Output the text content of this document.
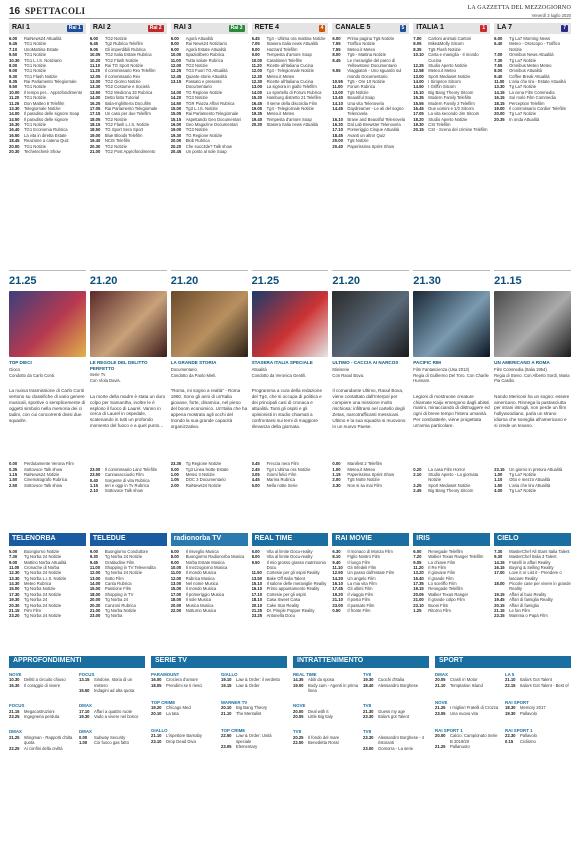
16 SPETTACOLI	LA GAZZETTA DEL MEZZOGIORNO
Venerdì 3 luglio 2020
RAI 1	Rai 1
6.00	RaiNews24 Attualità
6.45	TG1 Notizie
7.10	UnoMattina Estate
9.50	TG1 Notizie
10.30	TG1 L.I.S. Notiziario
8.00	TG1 Notizie
9.00	TG1 Notizie
9.30	TG1 Flash Notizie
9.35	Rai Parlamento Telegiornale
9.50	TG1 Notizie
10.00	Il tempo per... Approfondimento
11.20	TG1 Notizie
11.25	Don Matteo 8 Telefilm
13.30	Telegiornale Notizie
14.00	Il paradiso delle signore Soap
14.50	Il paradiso delle signore
16.30	TG1 Notizie
16.40	TG1 Economia Rubrica
16.50	La vita in diretta Estate
18.45	Reazione a catena Quiz
20.00	TG1 Notizie
20.30	Techetechetè Show
21.25
TOP DIECI
Gioco
Condotto da Carlo Conti.
La nuova trasmissione di Carlo Conti vertono su classifiche di vario genere musicali, sportive o semplicemente di oggetti simbolo nella memoria dei ci tadini, con cui concorrenti divisi due squadre.
0.00	Perdutamente Verona Film
0.35	Sottovoce Talk show
1.15	RaiNews24 Notizie
1.50	Cinematografo Rubrica
2.50	Sottovoce Talk show
RAI 2	Rai 2
6.00	TG2 Notizie
6.45	Tg2 Rubrica Telefilm
9.05	Gli imperdibili Rubrica
10.05	TG2 Italia Estate Rubrica
10.20	TG2 Flash Notizie
11.10	Rai TG Sport Notizie
11.20	Il commissario Rex Telefilm
12.05	Il commissario Rex
13.00	TG2 Giorno Notizie
13.30	TG2 Costume e Società
13.50	TG2 Medicina 33 Rubrica
14.00	Detto fatto Tutorial
16.25	Italia-Inghilterra Docufilm
17.05	Rai Parlamento Telegiornale
17.15	Un caso per due Telefilm
18.05	TG2 Notizie
18.15	TG2 Flash L.I.S. Notizie
18.50	TG Sport Sera Sport
19.00	Blue Bloods Telefilm
19.40	NCIS Telefilm
20.30	TG2 Notizie
21.00	TG2 Post Approfondimento
21.20
LE REGOLE DEL DELITTO PERFETTO
Serie Tv
Con Viola Davis.
La morte della madre è stata un duro colpo per Samantha, inoltre le è esploso il fuoco di Laurel. Vanno in cerca di Laurel in ospedale, scatenando in tutti un profondo momento del fuoco e a quel punto...
23.00	Il commissario Lanz Telefilm
23.50	Cannavacciuolo Film
0.40	Sorgente di vita Rubrica
1.15	Ieri e oggi in Tv Rubrica
2.10	Sottovoce Talk show
RAI 3	Rai 3
6.00	Agorà Attualità
8.00	Rai News24 Notiziario
9.00	Agorà Estate Attualità
10.00	Spaziolibero Rubrica
11.00	Tutta salute Rubrica
12.00	TG3 Notizie
12.25	TG3 Fuori TG Attualità
12.45	Quante storie Attualità
13.15	Passato e presente Documentario
14.00	TG Regione Notizie
14.20	TG3 Notizie
14.50	TGR Piazza Affari Rubrica
15.00	Tg3 L.I.S. Notizie
15.05	Rai Parlamento Telegiornale
15.15	Aspettando Geo Documentari
16.00	Geo Magazine Documentari
19.00	TG3 Notizie
19.30	TG Regione Notizie
20.00	Blob Rubrica
20.20	Che succ3de? Talk show
20.45	Un posto al sole Soap
21.20
LA GRANDE STORIA
Documentario
Condotto da Paolo Mieli.
“Roma, mi sogno a realtà” - Roma 1960. Sono gli anni di un'Italia giovane, forte, dinamica, nel pieno del boom economico. Un'Italia che ha appena mostrato agli occhi del mondo la sua grande capacità organizzativa.
23.35	Tg Regione Notizie
0.00	Tg3 Linea Notte Estate
1.00	Meteo 3 Notizie
1.05	DOC 3 Documentario
2.00	RaiNews24 Notizie
RETE 4	4
6.45	Tg4 - Ultima ora mattina Notizie
7.05	Stasera Italia news Attualità
8.00	Hazzard Telefilm
9.00	Tempesta d'amore Soap
10.00	Carabinieri Telefilm
11.20	Ricette all'italiana Cucina
12.00	Tg4 - Telegiornale Notizie
12.30	Meteo.it Meteo
12.30	Ricette all'italiana Cucina
13.00	La signora in giallo Telefilm
14.00	Lo sportello di Forum Rubrica
15.30	Hamburg distretto 21 Telefilm
16.45	Il seme della discordia Film
19.00	Tg4 - Telegiornale Notizie
19.35	Meteo.it Meteo
19.40	Tempesta d'amore Soap
20.30	Stasera Italia news Attualità
21.25
STASERA ITALIA SPECIALE
Attualità
Condotto da Veronica Gentili.
Programma a cura della redazione del Tg4, che si occupa di politica e dei principali casi di cronaca e attualità. Tanti gli ospiti e gli opinionisti in studio chiamati a confrontarsi sui temi di maggiore rilevanza della giornata.
0.45	Freccia nera Film
2.45	Tg4 L'ultima ora Notizie
3.05	Giorni felici Film
4.45	Marina Rubrica
5.00	Nella notte Serie
CANALE 5	5
6.00	Prima pagina Tg5 Notizie
7.55	Traffico Notizie
7.55	Meteo.it Meteo
8.00	Tg5 - Mattina Notizie
8.45	Le meraviglie del parco di Yellowstone Documentario
9.55	Viaggiatori - Uno sguardo sul mondo Documentario
10.55	Tg5 - Ore 10 Notizie
11.00	Forum Rubrica
13.00	Tg5 Notizie
13.40	Beautiful Soap
14.10	Una vita Telenovela
14.45	Daydreamer - Le ali del sogno Telenovela
16.10	Brave and Beautiful Telenovela
16.30	Dal Lab Brewster Telenovela
17.10	Pomeriggio Cinque Attualità
18.45	Avanti un altro! Quiz
20.00	Tg5 Notizie
20.40	Paperissima Sprint Show
21.20
ULTIMO - CACCIA AI NARCOS
Miniserie
Con Raoul Bova.
Il comandante Ultimo, Raoul Bova, viene contattato dall'Interpol per compiere una missione molto rischiosa: infiltrarsi nel cartello degli Zetas, narcotrafficanti messicani. Ultimo e la sua squadra si muovono in un nuovo Paese.
0.00	Manifest 2 Telefilm
1.00	Meteo.it Meteo
1.15	Paperissima Sprint Show
2.00	Tg5 Notte Notizie
3.30	Non si sa mai Film
ITALIA 1	1
7.00	Cartoni animati Cartoni
8.05	Mike&Molly Sitcom
8.35	Tg5 Flash Notizie
10.10	Carta e maniglia - Il mondo Cucina
12.25	Studio Aperto Notizie
12.58	Meteo.it Meteo
13.00	Sport Mediaset Notizie
14.00	I Simpson Sitcom
14.50	I Griffin Sitcom
15.10	Big Bang Theory Sitcom
15.35	Modern Family Telefilm
15.55	Modern Family 2 Telefilm
16.45	Due uomini e 1/2 Sitcom
17.05	La vita secondo Jim Sitcom
18.20	Studio Aperto Notizie
19.30	CSI Telefilm
20.15	CSI - Scena del crimine Telefilm
21.30
PACIFIC RIM
Film Fantascienza (Usa 2013)
Regia di Guillermo Del Toro. Con Charlie Hunnam.
Legioni di mostruose creature chiamate Kaiju emergono dagli abissi marini, minacciando di distruggere ed ogni di breve tempo l'intera umanità. Per combatterle, viene progettata un'arma particolare.
0.20	La casa Film Horror
2.10	Studio Aperto - La giornata Notizie
2.25	Sport Mediaset Notizie
2.45	Big Bang Theory Sitcom
LA 7	7
6.00	Tg La7 Morning News
6.40	Meteo - Oroscopo - Traffico Notizie
7.00	Omnibus News Attualità
7.30	Tg La7 Notizie
7.55	Omnibus Meteo Meteo
8.00	Omnibus Attualità
9.40	Coffee Break Attualità
11.00	L'aria che tira - Estate Attualità
13.30	Tg La7 Notizie
14.15	La cena Film Commedia
16.15	Sul molo Film Commedia
18.15	Perception Telefilm
19.00	Il commissario Cordier Telefilm
20.00	Tg La7 Notizie
20.35	In onda Attualità
21.15
UN AMERICANO A ROMA
Film Commedia (Italia 1954)
Regia di Steno. Con Alberto Sordi, Maria Pia Casilio.
Nando Mericoni ha un sogno: essere americano. Rinnega la pastasciutta per strani intrugli, non perde un film hollywoodiano, parla un strano idioma che somiglia all'americano e si crede un texano.
23.15	Un giorno in pretura Attualità
1.00	Tg La7 Notizie
1.10	Otto e mezzo Attualità
1.50	L'aria che tira Attualità
4.00	Tg La7 Notizie
TELENORBA
5.00	Buongiorno Notizie
7.30	Tg Norba 24 Notizie
9.00	Mattino Norba Attualità
11.00	Cronache di Norba
12.30	Tg Norba 24 Notizie
13.30	Tg Norba L.I.S. Notizie
14.30	Meteo Rubrica
15.00	Tg Norba Notizie
17.30	Tg Norba 24 Notizie
19.30	Tg Norba 24
20.30	Tg Norba 24 Notizie
21.15	Film Film
23.20	Tg Norba 24 Notizie
TELEDUE
9.00	Buongiorno Conduttore
9.30	Tg Norba 24 Notizie
9.45	Gratitudine Film
11.00	Shopping in TV Televendita
12.00	Tg Norba 24 Notizie
13.00	Sotto Film
14.00	Canta Rubrica
15.00	Passione Film
18.00	Shopping in TV
20.00	Tg Norba 24
20.30	Canzoni Rubrica
21.00	Tg Norba Notizie
23.00	Tg Norba
radionorba TV
6.00	Il risveglio Musica
8.00	Buongiorno Radionorba Musica
9.00	Norba Estate Musica
10.00	Il mezzogiorno Musica
11.00	Il mondo Musica
12.00	Rubrica Musica
13.00	Nel nome Musica
15.00	Il mondo Musica
17.00	Il pomeriggio Musica
18.00	Il sole Musica
20.00	Musica Musica
22.00	Notturno Musica
REAL TIME
6.00	Vita al limite Docu-reality
8.00	Vita al limite Docu-reality
9.50	Il mio grosso grasso matrimonio Docu
11.50	Cortesie per gli ospiti Reality
13.50	Bake Off Italia Talent
15.10	Il salone delle meraviglie Reality
16.10	Primo appuntamento Reality
17.10	Cortesie per gli ospiti
18.10	Casa Sweet Casa
20.10	Cake Star Reality
21.25	Dr. Pimple Popper Reality
23.25	Antonella Docu
RAI MOVIE
6.30	Il monaco di Monza Film
8.10	Figlio Nostro Film
9.40	Il lungo Film
11.10	Gli Infedeli Film
12.50	Un passo dall'estate Film
14.20	Un angelo Film
16.10	La mia vita Film
17.45	Gli ultimi Film
19.20	Il viaggio Film
21.10	Il posto Film
23.00	Il passato Film
0.50	Il fronte Film
IRIS
6.00	Renegade Telefilm
7.20	Walker Texas Ranger Telefilm
9.05	La chiave Film
11.20	Il Re Film
13.20	Il giovane Film
15.40	Il grande Film
17.35	Lo sceriffo Film
19.15	Renegade Telefilm
20.05	Walker Texas Ranger
21.00	Il grande colpo Film
23.10	Buoni Film
1.25	Ritorno Film
CIELO
7.30	MasterChef All Stars Italia Talent
9.30	MasterChef Italia 3 Talent
14.15	Fratelli in affari Reality
16.15	Buying & Selling Reality
17.00	Love it or List it - Prendere o lasciare Reality
18.00	Piccole case per vivere in grande Reality
19.15	Affari al buio Reality
19.45	Affari di famiglia Reality
20.15	Affari di famiglia
21.15	Le fan Film
23.15	Mamma o Papà Film
APPROFONDIMENTI	SERIE TV	INTRATTENIMENTO	SPORT
NOVE
10.30	Delitti a circuito chiuso
16.30	Il coraggio di vivere
FOCUS
13.15	Sindone, storia di un mistero
15.50	Indagini ad alta quota
FOCUS
21.15	Megacostruzioni
23.25	Ingegneria perduta
DMAX
17.10	Affari a quattro ruote
19.30	Vado a vivere nel bosco
DMAX
21.25	Wingman - Rapporti d'alta quota
22.25	Ai confini della civiltà
DMAX
0.00	Subway Security
1.00	Coi fuoco gas fatto
PARAMOUNT
16.00	Crociera d'amore
18.05	Prendimi se ti riesci
GIALLO
19.10	Law & Order: il verdetto
19.15	Law & Order
TOP CRIME
19.20	Chicago Med
20.10	La tata
WARNER TV
20.10	Big Bang Theory
21.10	The Mentalist
GIALLO
21.10	L'ispettore Barnaby
23.10	Drop Dead Diva
TOP CRIME
22.50	Law & Order: Unità speciale
23.05	Elementary
REAL TIME
14.35	Abiti da sposa
19.00	Body cam - Agenti in prima linea
TV8
19.30	Cuochi d'Italia
18.40	Alessandro Borghese
NOVE
20.00	Deal with it
20.05	Little Big Italy
TV8
21.30	Guess my age
23.30	Italia's got Talent
TV8
20.25	Il fondo del mare
22.00	Benedetta Rossi
TV8
23.30	Alessandro Borghese - 4 ristoranti
23.00	Gomorra - La serie
DMAX
20.05	Crash in Motor
21.10	Temptation Island
LA 5
21.10	Italia's Got Talent
22.15	Italia's Got Talent - Best of
NOVE
21.25	I migliori Fratelli di Crozza
23.05	Una nuova vita
RAI SPORT
18.30	Memory 2017
19.30	Pallavolo
RAI SPORT 1
20.00	Calcio: Campionato Serie B 2019/20
21.25	Pallanuoto
RAI SPORT 1
22.30	Pallavolo
0.15	Ciclismo
